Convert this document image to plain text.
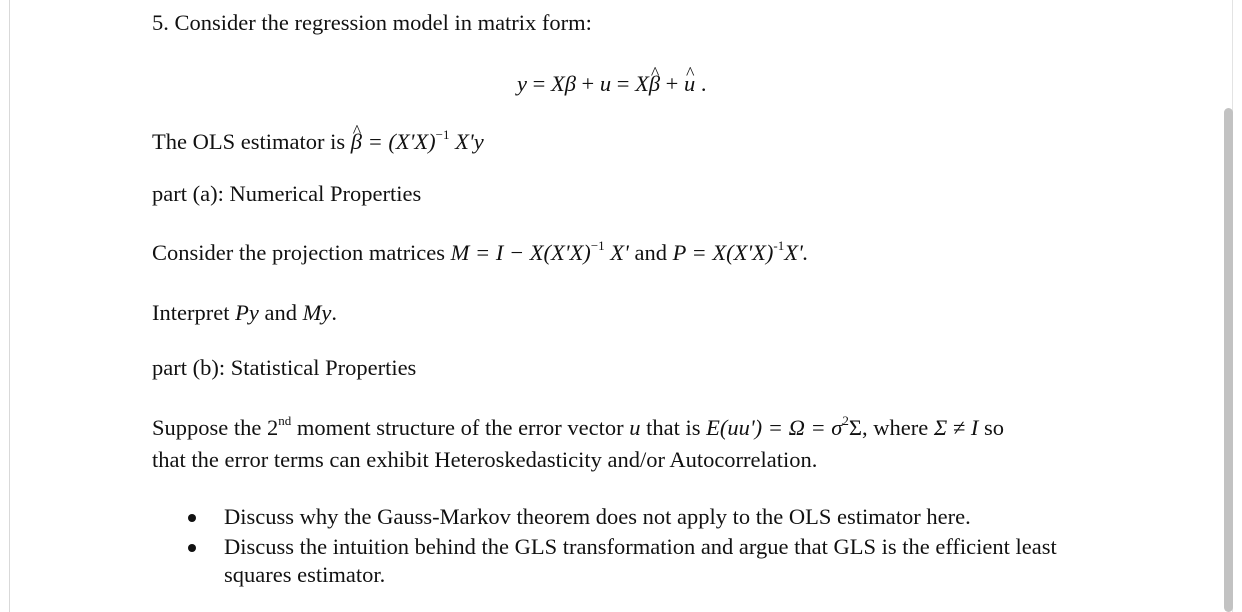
5. Consider the regression model in matrix form:
y = Xβ + u = X^ β + ^ u .
The OLS estimator is ^ $\beta = (X'X)^{-1}$ X'y
part (a): Numerical Properties
Consider the projection matrices $M = I - X(X'X)^{-1}$ X' and $P = X(X'X)^{-1}X'$.
Interpret Py and My.
part (b): Statistical Properties
Suppose the 2nd moment structure of the error vector u that is $E(uu') = \Omega = \sigma^2\Sigma$, where Σ ≠ I so
that the error terms can exhibit Heteroskedasticity and/or Autocorrelation.
Discuss why the Gauss-Markov theorem does not apply to the OLS estimator here.
Discuss the intuition behind the GLS transformation and argue that GLS is the efficient least squares estimator.
